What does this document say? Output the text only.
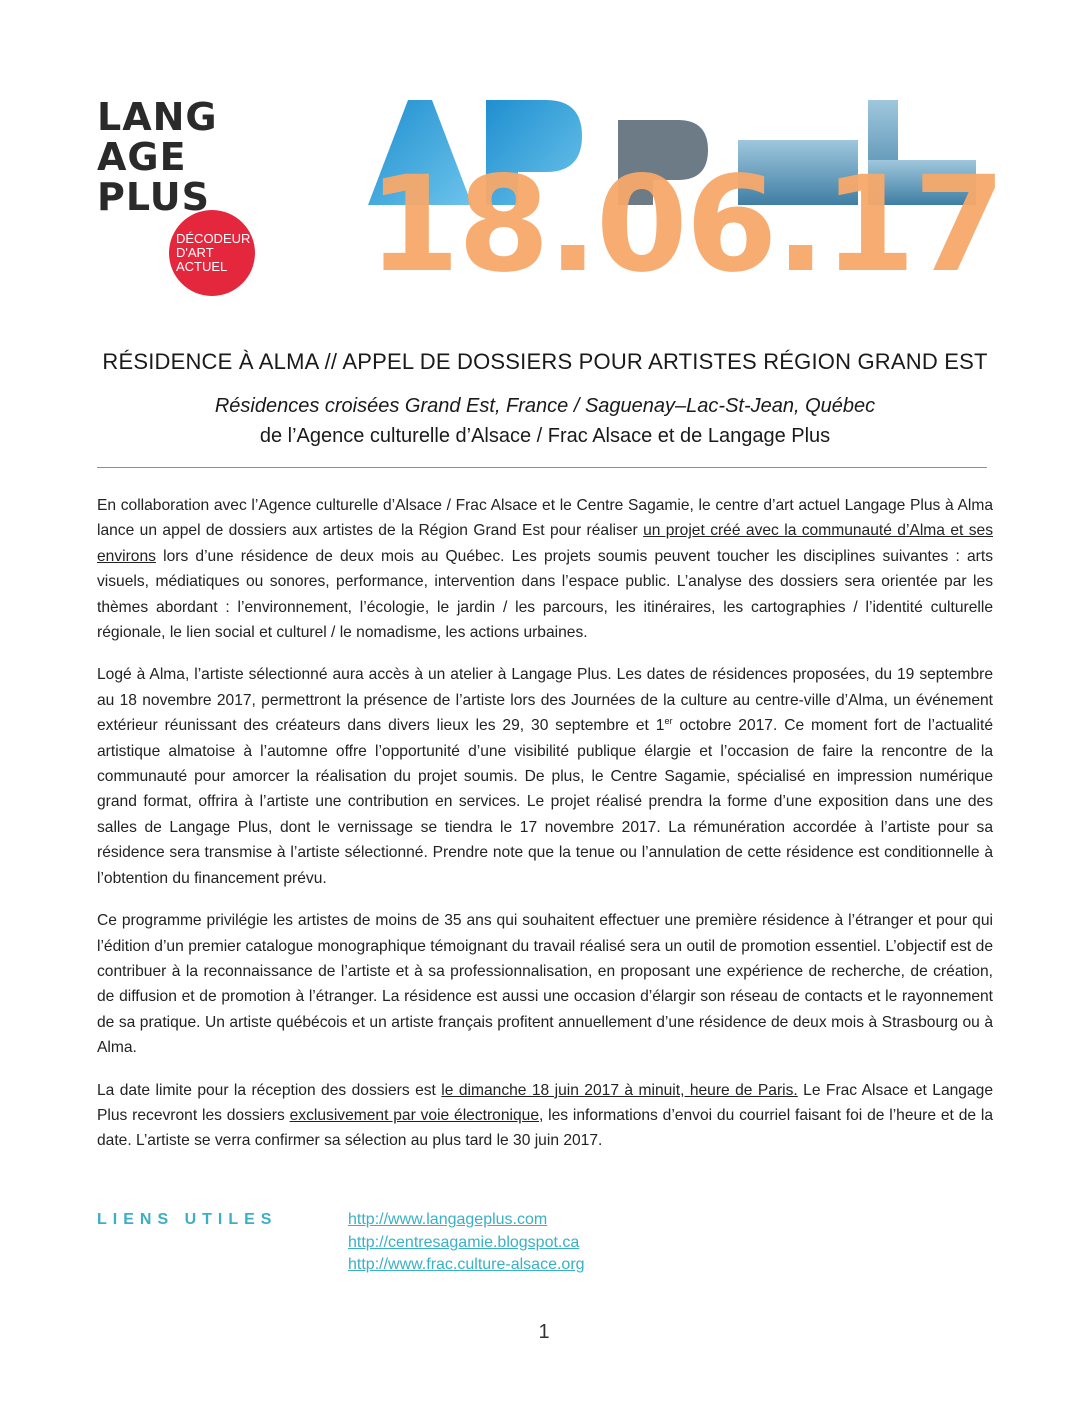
LANG
AGE
PLUS
DÉCODEUR
D'ART
ACTUEL 18.06.17
RÉSIDENCE À ALMA // APPEL DE DOSSIERS POUR ARTISTES RÉGION GRAND EST
Résidences croisées Grand Est, France / Saguenay–Lac-St-Jean, Québec
de l’Agence culturelle d’Alsace / Frac Alsace et de Langage Plus

En collaboration avec l’Agence culturelle d’Alsace / Frac Alsace et le Centre Sagamie, le centre d’art actuel Langage Plus à Alma lance un appel de dossiers aux artistes de la Région Grand Est pour réaliser un projet créé avec la communauté d’Alma et ses environs lors d’une résidence de deux mois au Québec. Les projets soumis peuvent toucher les disciplines suivantes : arts visuels, médiatiques ou sonores, performance, intervention dans l’espace public. L’analyse des dossiers sera orientée par les thèmes abordant : l’environnement, l’écologie, le jardin / les parcours, les itinéraires, les cartographies / l’identité culturelle régionale, le lien social et culturel / le nomadisme, les actions urbaines.

Logé à Alma, l’artiste sélectionné aura accès à un atelier à Langage Plus. Les dates de résidences proposées, du 19 septembre au 18 novembre 2017, permettront la présence de l’artiste lors des Journées de la culture au centre-ville d’Alma, un événement extérieur réunissant des créateurs dans divers lieux les 29, 30 septembre et 1er octobre 2017. Ce moment fort de l’actualité artistique almatoise à l’automne offre l’opportunité d’une visibilité publique élargie et l’occasion de faire la rencontre de la communauté pour amorcer la réalisation du projet soumis. De plus, le Centre Sagamie, spécialisé en impression numérique grand format, offrira à l’artiste une contribution en services. Le projet réalisé prendra la forme d’une exposition dans une des salles de Langage Plus, dont le vernissage se tiendra le 17 novembre 2017. La rémunération accordée à l’artiste pour sa résidence sera transmise à l’artiste sélectionné. Prendre note que la tenue ou l’annulation de cette résidence est conditionnelle à l’obtention du financement prévu.

Ce programme privilégie les artistes de moins de 35 ans qui souhaitent effectuer une première résidence à l’étranger et pour qui l’édition d’un premier catalogue monographique témoignant du travail réalisé sera un outil de promotion essentiel. L’objectif est de contribuer à la reconnaissance de l’artiste et à sa professionnalisation, en proposant une expérience de recherche, de création, de diffusion et de promotion à l’étranger. La résidence est aussi une occasion d’élargir son réseau de contacts et le rayonnement de sa pratique. Un artiste québécois et un artiste français profitent annuellement d’une résidence de deux mois à Strasbourg ou à Alma.

La date limite pour la réception des dossiers est le dimanche 18 juin 2017 à minuit, heure de Paris. Le Frac Alsace et Langage Plus recevront les dossiers exclusivement par voie électronique, les informations d’envoi du courriel faisant foi de l’heure et de la date. L’artiste se verra confirmer sa sélection au plus tard le 30 juin 2017.

LIENS UTILES	http://www.langageplus.com
http://centresagamie.blogspot.ca
http://www.frac.culture-alsace.org
1
